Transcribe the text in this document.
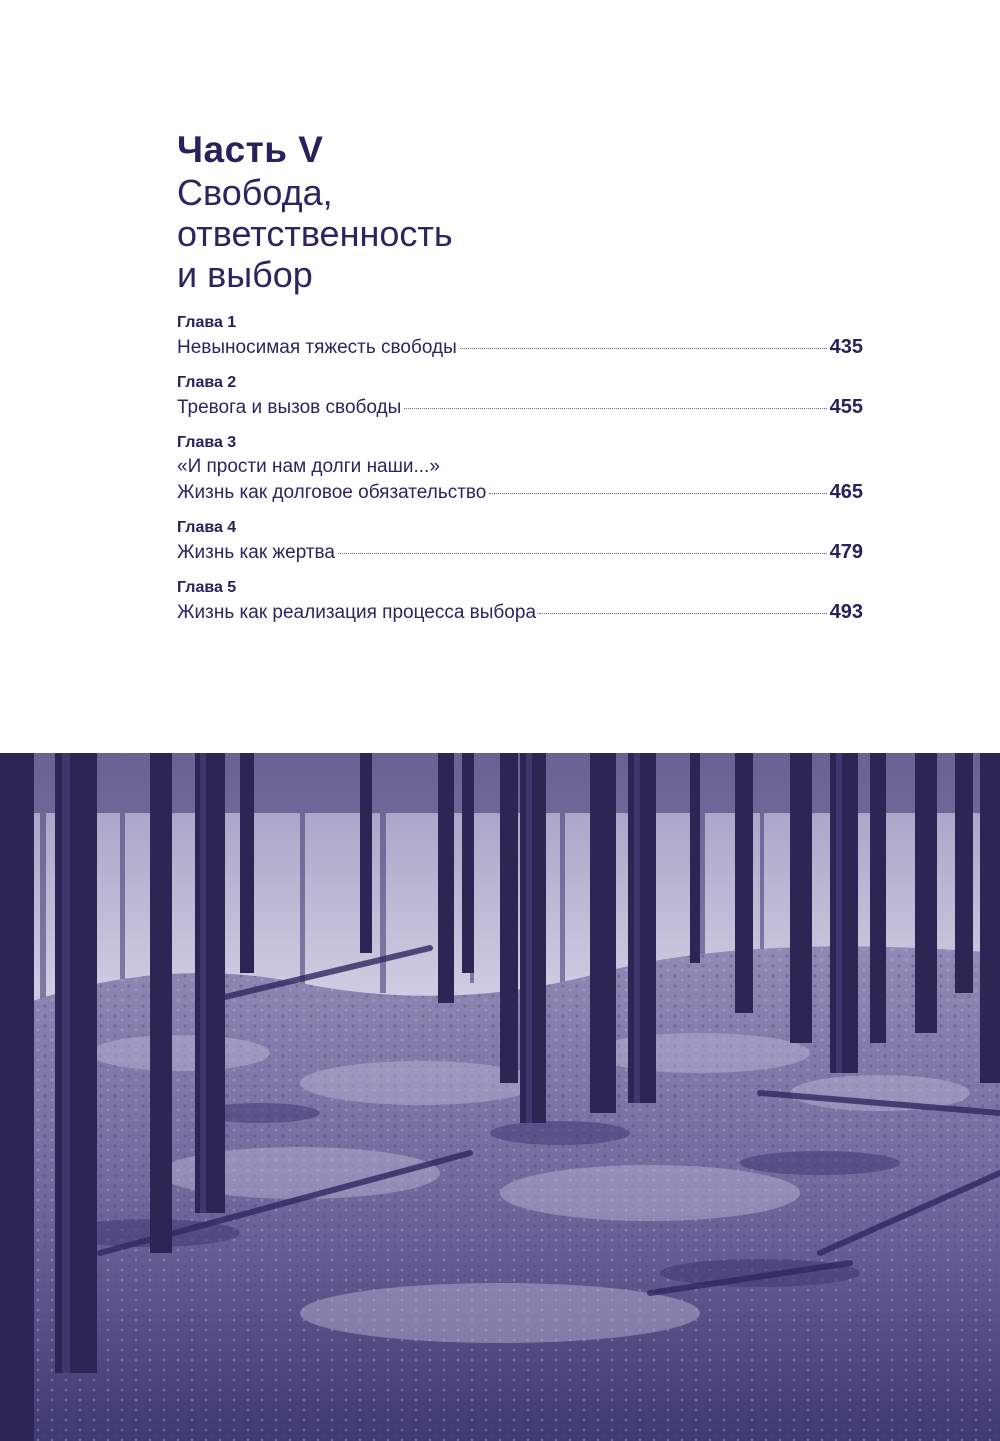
Часть V
Свобода,
ответственность
и выбор
Глава 1
Невыносимая тяжесть свободы	435
Глава 2
Тревога и вызов свободы	455
Глава 3
«И прости нам долги наши...»
Жизнь как долговое обязательство	465
Глава 4
Жизнь как жертва	479
Глава 5
Жизнь как реализация процесса выбора	493
